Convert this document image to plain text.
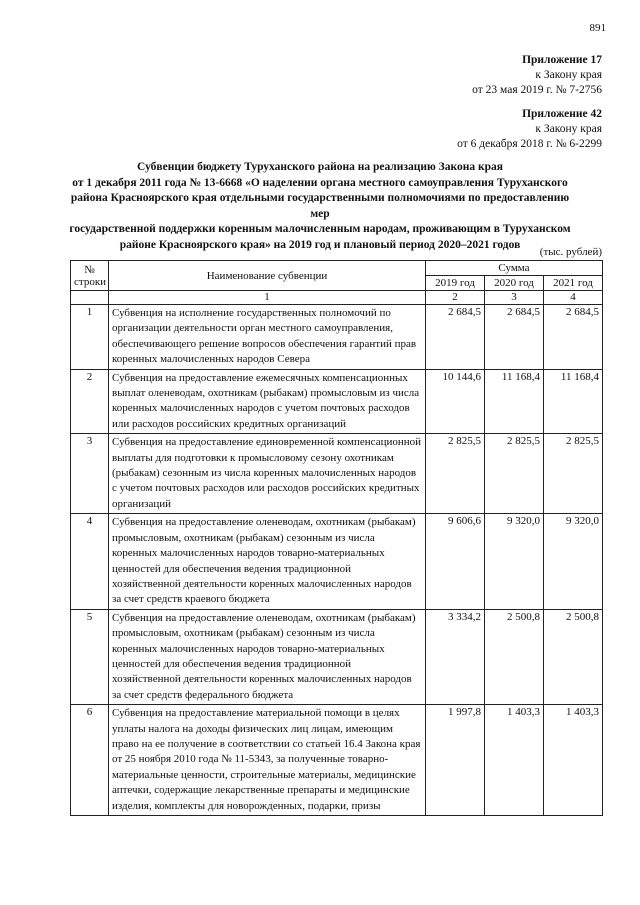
891
Приложение 17
к Закону края
от 23 мая 2019 г. № 7-2756
Приложение 42
к Закону края
от 6 декабря 2018 г. № 6-2299
Субвенции бюджету Туруханского района на реализацию Закона края
от 1 декабря 2011 года № 13-6668 «О наделении органа местного самоуправления Туруханского
района Красноярского края отдельными государственными полномочиями по предоставлению мер
государственной поддержки коренным малочисленным народам, проживающим в Туруханском
районе Красноярского края» на 2019 год и плановый период 2020–2021 годов
(тыс. рублей)
№
строки	Наименование субвенции	Сумма		
		2019 год	2020 год	2021 год
	1	2	3	4
1	Субвенция на исполнение государственных полномочий по организации деятельности орган местного самоуправления, обеспечивающего решение вопросов обеспечения гарантий прав коренных малочисленных народов Севера	2 684,5	2 684,5	2 684,5
2	Субвенция на предоставление ежемесячных компенсационных выплат оленеводам, охотникам (рыбакам) промысловым из числа коренных малочисленных народов с учетом почтовых расходов или расходов российских кредитных организаций	10 144,6	11 168,4	11 168,4
3	Субвенция на предоставление единовременной компенсационной выплаты для подготовки к промысловому сезону охотникам (рыбакам) сезонным из числа коренных малочисленных народов с учетом почтовых расходов или расходов российских кредитных организаций	2 825,5	2 825,5	2 825,5
4	Субвенция на предоставление оленеводам, охотникам (рыбакам) промысловым, охотникам (рыбакам) сезонным из числа коренных малочисленных народов товарно-материальных ценностей для обеспечения ведения традиционной хозяйственной деятельности коренных малочисленных народов за счет средств краевого бюджета	9 606,6	9 320,0	9 320,0
5	Субвенция на предоставление оленеводам, охотникам (рыбакам) промысловым, охотникам (рыбакам) сезонным из числа коренных малочисленных народов товарно-материальных ценностей для обеспечения ведения традиционной хозяйственной деятельности коренных малочисленных народов за счет средств федерального бюджета	3 334,2	2 500,8	2 500,8
6	Субвенция на предоставление материальной помощи в целях уплаты налога на доходы физических лиц лицам, имеющим право на ее получение в соответствии со статьей 16.4 Закона края от 25 ноября 2010 года № 11-5343, за полученные товарно-материальные ценности, строительные материалы, медицинские аптечки, содержащие лекарственные препараты и медицинские изделия, комплекты для новорожденных, подарки, призы	1 997,8	1 403,3	1 403,3
